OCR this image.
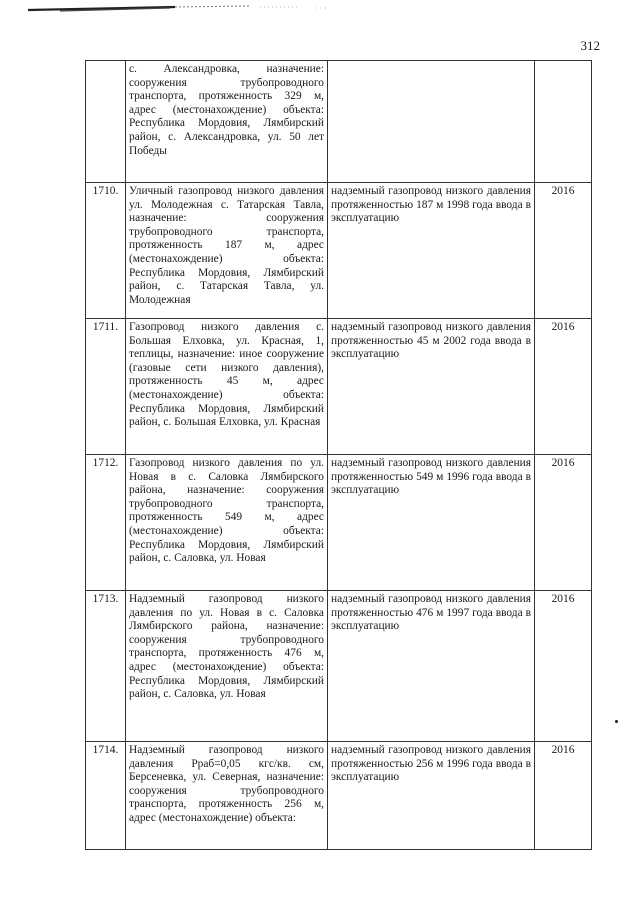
312
	с. Александровка, назначение: сооружения трубопроводного транспорта, протяженность 329 м, адрес (местонахождение) объекта: Республика Мордовия, Лямбирский район, с. Александровка, ул. 50 лет Победы		
1710.	Уличный газопровод низкого давления ул. Молодежная с. Татарская Тавла, назначение: сооружения трубопроводного транспорта, протяженность 187 м, адрес (местонахождение) объекта: Республика Мордовия, Лямбирский район, с. Татарская Тавла, ул. Молодежная	надземный газопровод низкого давления протяженностью 187 м 1998 года ввода в эксплуатацию	2016
1711.	Газопровод низкого давления с. Большая Елховка, ул. Красная, 1, теплицы, назначение: иное сооружение (газовые сети низкого давления), протяженность 45 м, адрес (местонахождение) объекта: Республика Мордовия, Лямбирский район, с. Большая Елховка, ул. Красная	надземный газопровод низкого давления протяженностью 45 м 2002 года ввода в эксплуатацию	2016
1712.	Газопровод низкого давления по ул. Новая в с. Саловка Лямбирского района, назначение: сооружения трубопроводного транспорта, протяженность 549 м, адрес (местонахождение) объекта: Республика Мордовия, Лямбирский район, с. Саловка, ул. Новая	надземный газопровод низкого давления протяженностью 549 м 1996 года ввода в эксплуатацию	2016
1713.	Надземный газопровод низкого давления по ул. Новая в с. Саловка Лямбирского района, назначение: сооружения трубопроводного транспорта, протяженность 476 м, адрес (местонахождение) объекта: Республика Мордовия, Лямбирский район, с. Саловка, ул. Новая	надземный газопровод низкого давления протяженностью 476 м 1997 года ввода в эксплуатацию	2016
1714.	Надземный газопровод низкого давления Рраб=0,05 кгс/кв. см, Берсеневка, ул. Северная, назначение: сооружения трубопроводного транспорта, протяженность 256 м, адрес (местонахождение) объекта:	надземный газопровод низкого давления протяженностью 256 м 1996 года ввода в эксплуатацию	2016
